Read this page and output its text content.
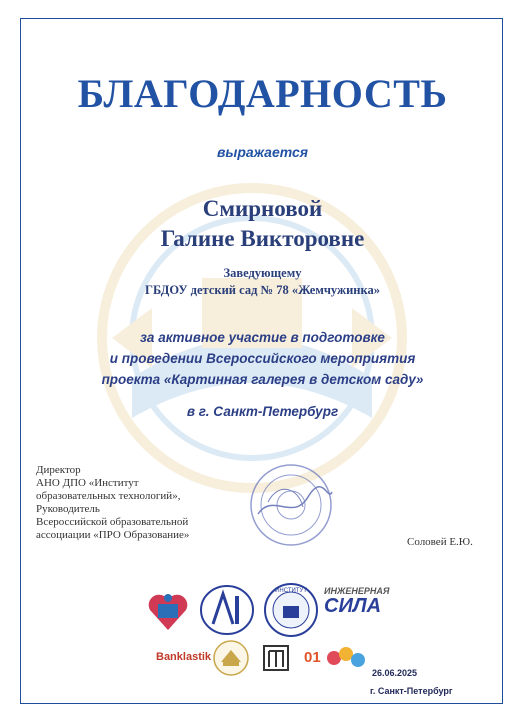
БЛАГОДАРНОСТЬ
выражается
Смирновой
Галине Викторовне
Заведующему
ГБДОУ детский сад № 78 «Жемчужинка»
за активное участие в подготовке
и проведении Всероссийского мероприятия
проекта «Картинная галерея в детском саду»
в г. Санкт-Петербург
Директор
АНО ДПО «Институт
образовательных технологий»,
Руководитель
Всероссийской образовательной
ассоциации «ПРО Образование»
Соловей Е.Ю.
ИНСТИТУТ ИНЖЕНЕРНАЯ
СИЛА
Banklastik	01
26.06.2025
г. Санкт-Петербург
